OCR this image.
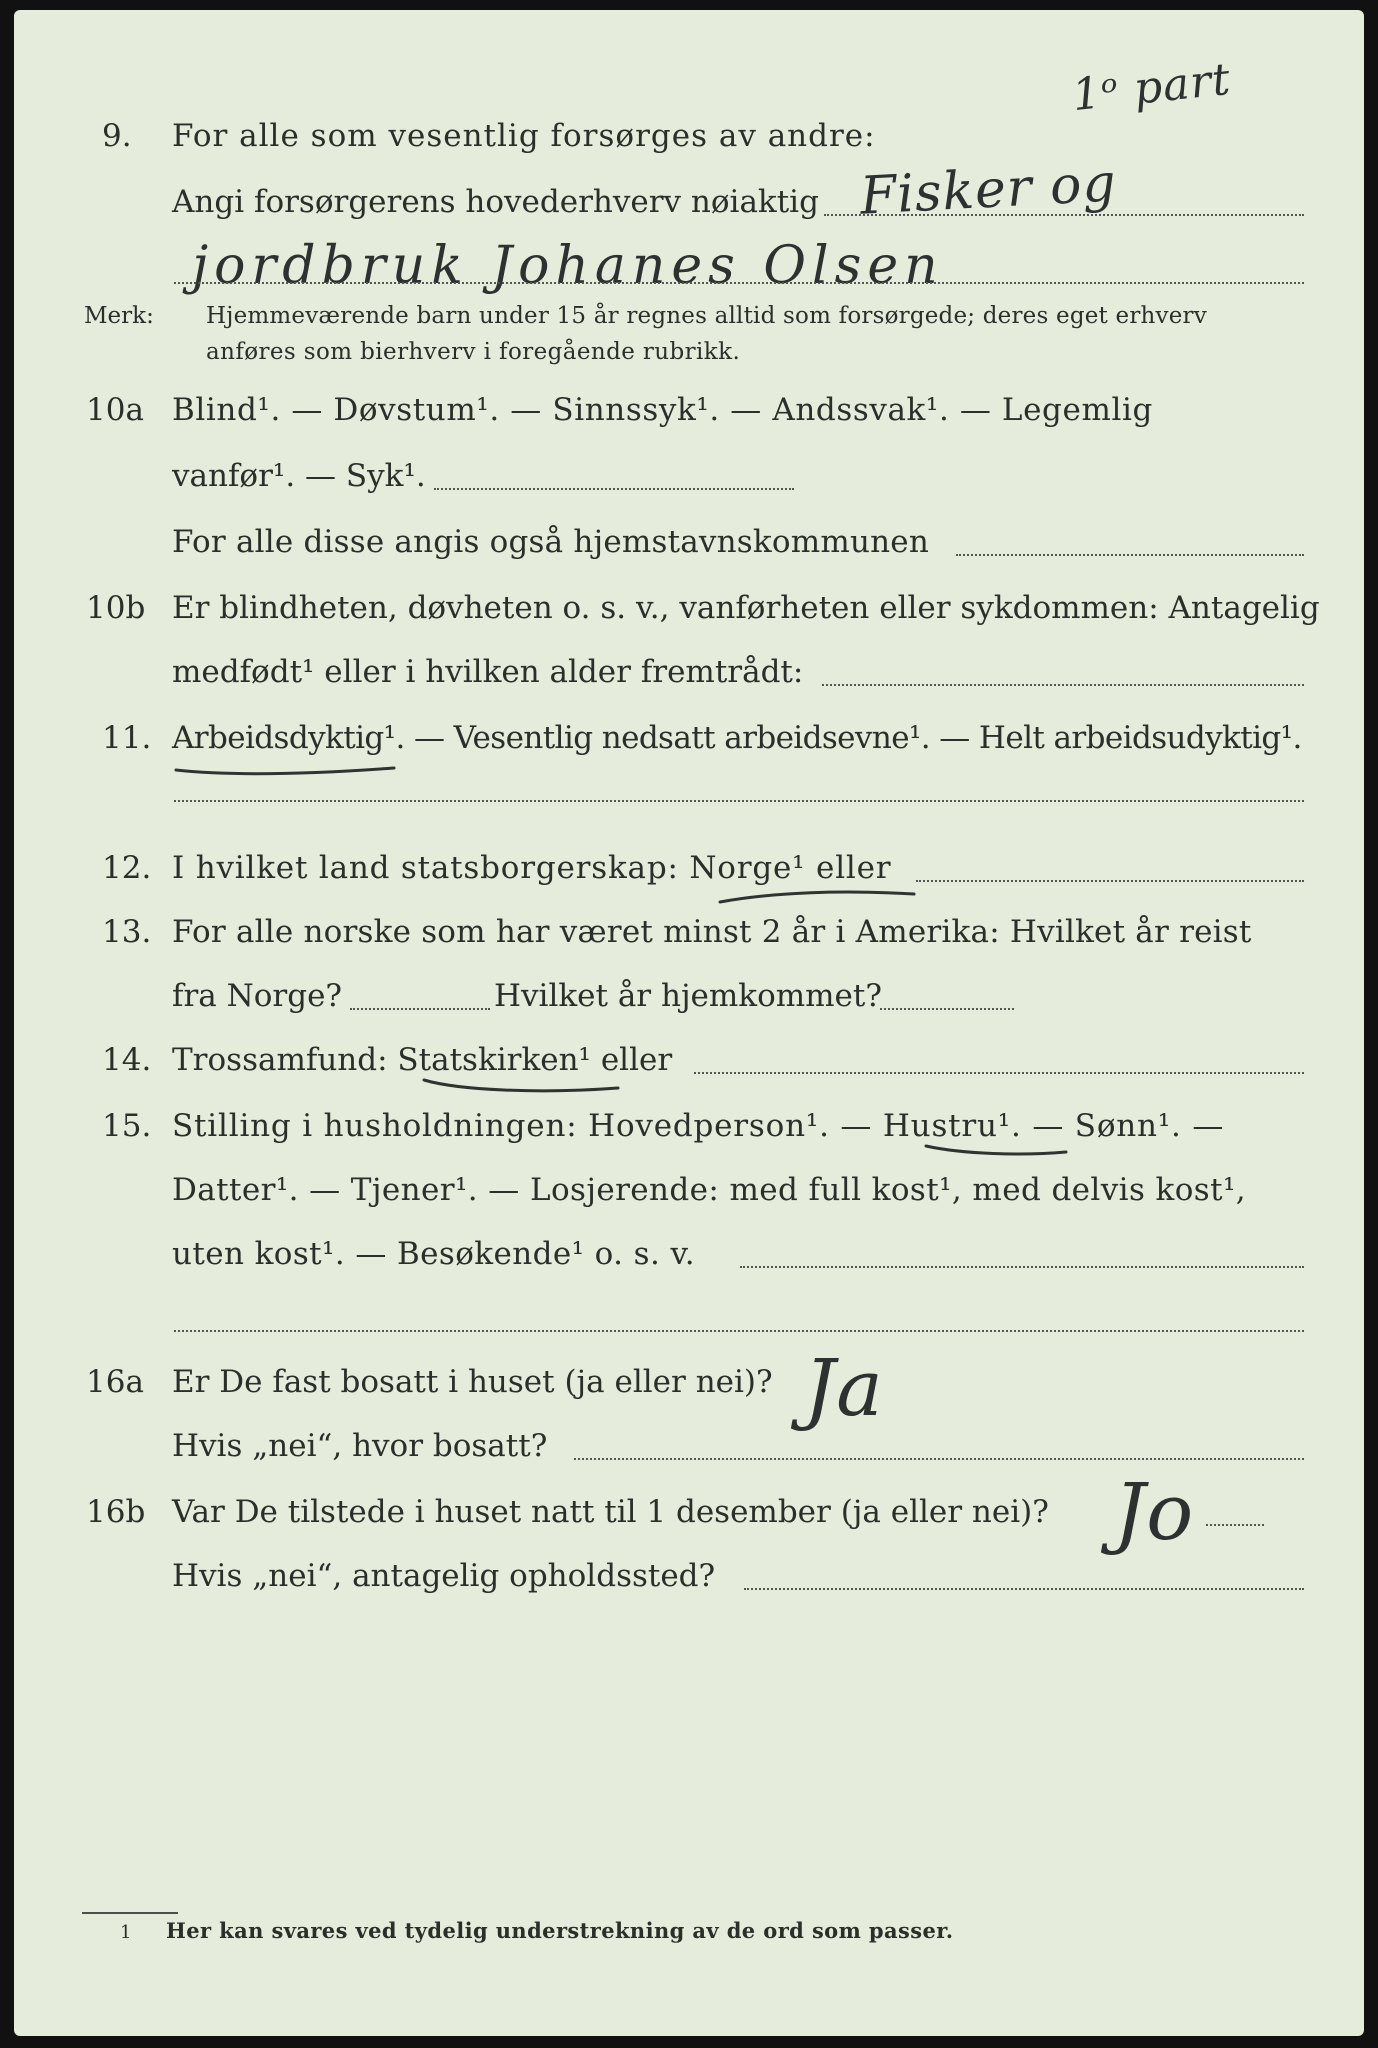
1ᵒ part
9. For alle som vesentlig forsørges av andre:
Angi forsørgerens hovederhverv nøiaktig Fisker og
jordbruk Johanes Olsen
Merk: Hjemmeværende barn under 15 år regnes alltid som forsørgede; deres eget erhverv
anføres som bierhverv i foregående rubrikk.
10a Blind¹. — Døvstum¹. — Sinnssyk¹. — Andssvak¹. — Legemlig
vanfør¹. — Syk¹.
For alle disse angis også hjemstavnskommunen
10b Er blindheten, døvheten o. s. v., vanførheten eller sykdommen: Antagelig
medfødt¹ eller i hvilken alder fremtrådt:
11. Arbeidsdyktig¹. — Vesentlig nedsatt arbeidsevne¹. — Helt arbeidsudyktig¹.
12. I hvilket land statsborgerskap: Norge¹ eller
13. For alle norske som har været minst 2 år i Amerika: Hvilket år reist
fra Norge?	Hvilket år hjemkommet?
14. Trossamfund: Statskirken¹ eller
15. Stilling i husholdningen: Hovedperson¹. — Hustru¹. — Sønn¹. —
Datter¹. — Tjener¹. — Losjerende: med full kost¹, med delvis kost¹,
uten kost¹. — Besøkende¹ o. s. v.
16a Er De fast bosatt i huset (ja eller nei)? Ja
Hvis „nei“, hvor bosatt?
16b Var De tilstede i huset natt til 1 desember (ja eller nei)? Jo
Hvis „nei“, antagelig opholdssted?
1 Her kan svares ved tydelig understrekning av de ord som passer.
